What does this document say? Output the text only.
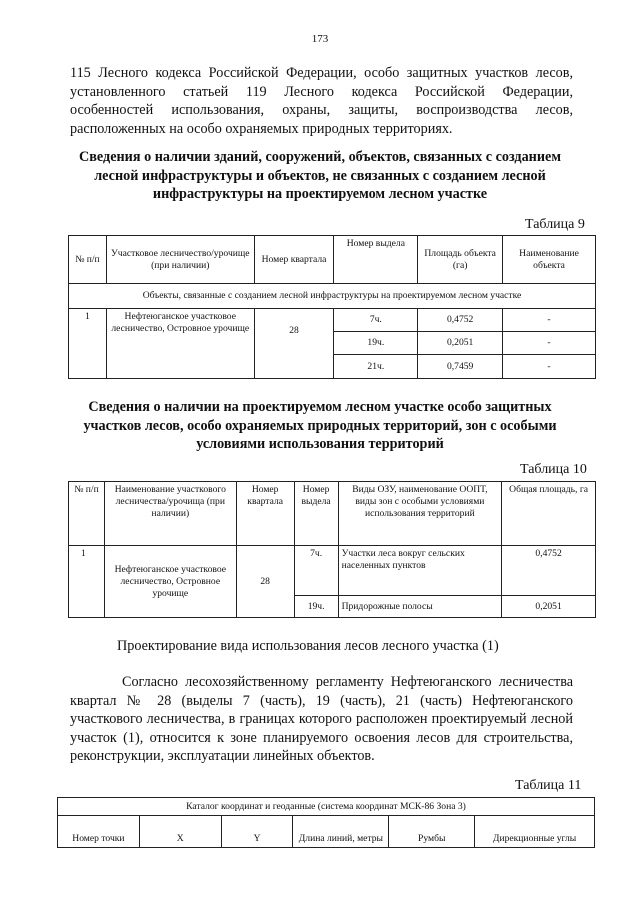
173

115 Лесного кодекса Российской Федерации, особо защитных участков лесов, установленного статьей 119 Лесного кодекса Российской Федерации, особенностей использования, охраны, защиты, воспроизводства лесов, расположенных на особо охраняемых природных территориях.

Сведения о наличии зданий, сооружений, объектов, связанных с созданием лесной инфраструктуры и объектов, не связанных с созданием лесной инфраструктуры на проектируемом лесном участке

Таблица 9
№ п/п	Участковое лесничество/урочище (при наличии)	Номер квартала	Номер выдела	Площадь объекта (га)	Наименование объекта
Объекты, связанные с созданием лесной инфраструктуры на проектируемом лесном участке					
1	Нефтеюганское участковое лесничество, Островное урочище	28	7ч.	0,4752	-
			19ч.	0,2051	-
			21ч.	0,7459	-

Сведения о наличии на проектируемом лесном участке особо защитных участков лесов, особо охраняемых природных территорий, зон с особыми условиями использования территорий

Таблица 10
№ п/п	Наименование участкового лесничества/урочища (при наличии)	Номер квартала	Номер выдела	Виды ОЗУ, наименование ООПТ, виды зон с особыми условиями использования территорий	Общая площадь, га
1	Нефтеюганское участковое лесничество, Островное урочище	28	7ч.	Участки леса вокруг сельских населенных пунктов	0,4752
			19ч.	Придорожные полосы	0,2051

Проектирование вида использования лесов лесного участка (1)

Согласно лесохозяйственному регламенту Нефтеюганского лесничества квартал № 28 (выделы 7 (часть), 19 (часть), 21 (часть) Нефтеюганского участкового лесничества, в границах которого расположен проектируемый лесной участок (1), относится к зоне планируемого освоения лесов для строительства, реконструкции, эксплуатации линейных объектов.

Таблица 11
Каталог координат и геоданные (система координат МСК-86 Зона 3)
Номер точки	X	Y	Длина линий, метры	Румбы	Дирекционные углы
